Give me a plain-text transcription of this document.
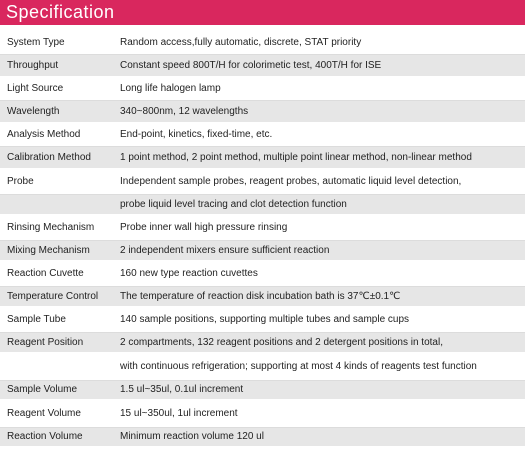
Specification
System Type	Random access,fully automatic, discrete, STAT priority
Throughput	Constant speed 800T/H for colorimetic test, 400T/H for ISE
Light Source	Long life halogen lamp
Wavelength	340~800nm, 12 wavelengths
Analysis Method	End-point, kinetics, fixed-time, etc.
Calibration Method	1 point method, 2 point method, multiple point linear method, non-linear method
Probe	Independent sample probes, reagent probes, automatic liquid level detection,
probe liquid level tracing and clot detection function
Rinsing Mechanism	Probe inner wall high pressure rinsing
Mixing Mechanism	2 independent mixers ensure sufficient reaction
Reaction Cuvette	160 new type reaction cuvettes
Temperature Control	The temperature of reaction disk incubation bath is 37℃±0.1℃
Sample Tube	140 sample positions, supporting multiple tubes and sample cups
Reagent Position	2 compartments, 132 reagent positions and 2 detergent positions in total,
with continuous refrigeration; supporting at most 4 kinds of reagents test function
Sample Volume	1.5 ul~35ul, 0.1ul increment
Reagent Volume	15 ul~350ul, 1ul increment
Reaction Volume	Minimum reaction volume 120 ul
